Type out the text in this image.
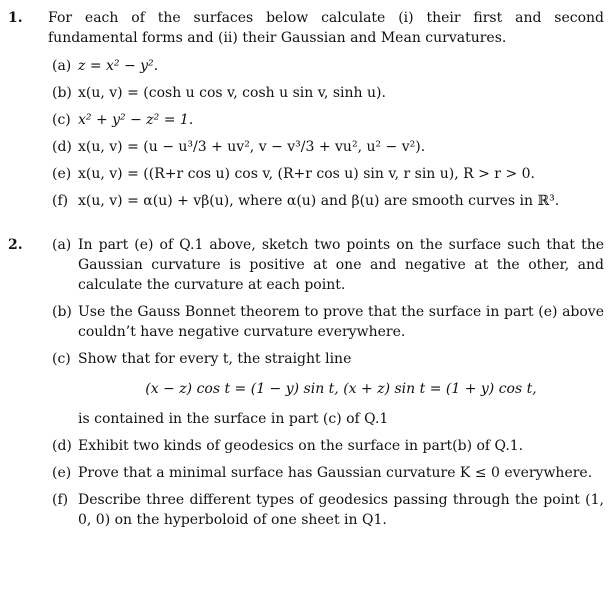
1. For each of the surfaces below calculate (i) their first and second fundamental forms and (ii) their Gaussian and Mean curvatures.

(a) z = x² − y².
(b) x(u, v) = (cosh u cos v, cosh u sin v, sinh u).
(c) x² + y² − z² = 1.
(d) x(u, v) = (u − u³/3 + uv², v − v³/3 + vu², u² − v²).
(e) x(u, v) = ((R+r cos u) cos v, (R+r cos u) sin v, r sin u), R > r > 0.
(f) x(u, v) = α(u) + vβ(u), where α(u) and β(u) are smooth curves in ℝ³.
2. (a) In part (e) of Q.1 above, sketch two points on the surface such that the Gaussian curvature is positive at one and negative at the other, and calculate the curvature at each point.
(b) Use the Gauss Bonnet theorem to prove that the surface in part (e) above couldn’t have negative curvature everywhere.
(c) Show that for every t, the straight line
(x − z) cos t = (1 − y) sin t, (x + z) sin t = (1 + y) cos t,
is contained in the surface in part (c) of Q.1
(d) Exhibit two kinds of geodesics on the surface in part(b) of Q.1.
(e) Prove that a minimal surface has Gaussian curvature K ≤ 0 everywhere.
(f) Describe three different types of geodesics passing through the point (1, 0, 0) on the hyperboloid of one sheet in Q1.
